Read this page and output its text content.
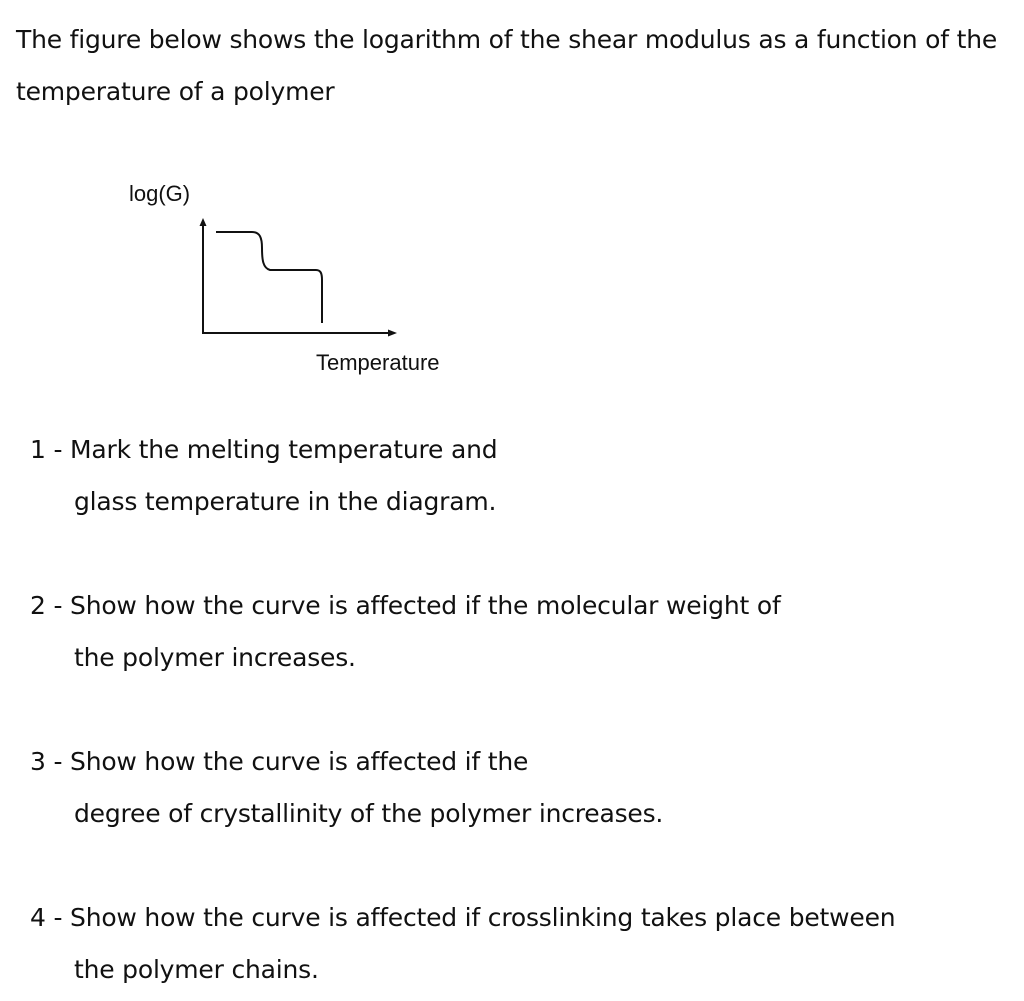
The figure below shows the logarithm of the shear modulus as a function of the temperature of a polymer

log(G)
Temperature
1 - Mark the melting temperature and
glass temperature in the diagram.
2 - Show how the curve is affected if the molecular weight of
the polymer increases.
3 - Show how the curve is affected if the
degree of crystallinity of the polymer increases.
4 - Show how the curve is affected if crosslinking takes place between
the polymer chains.
